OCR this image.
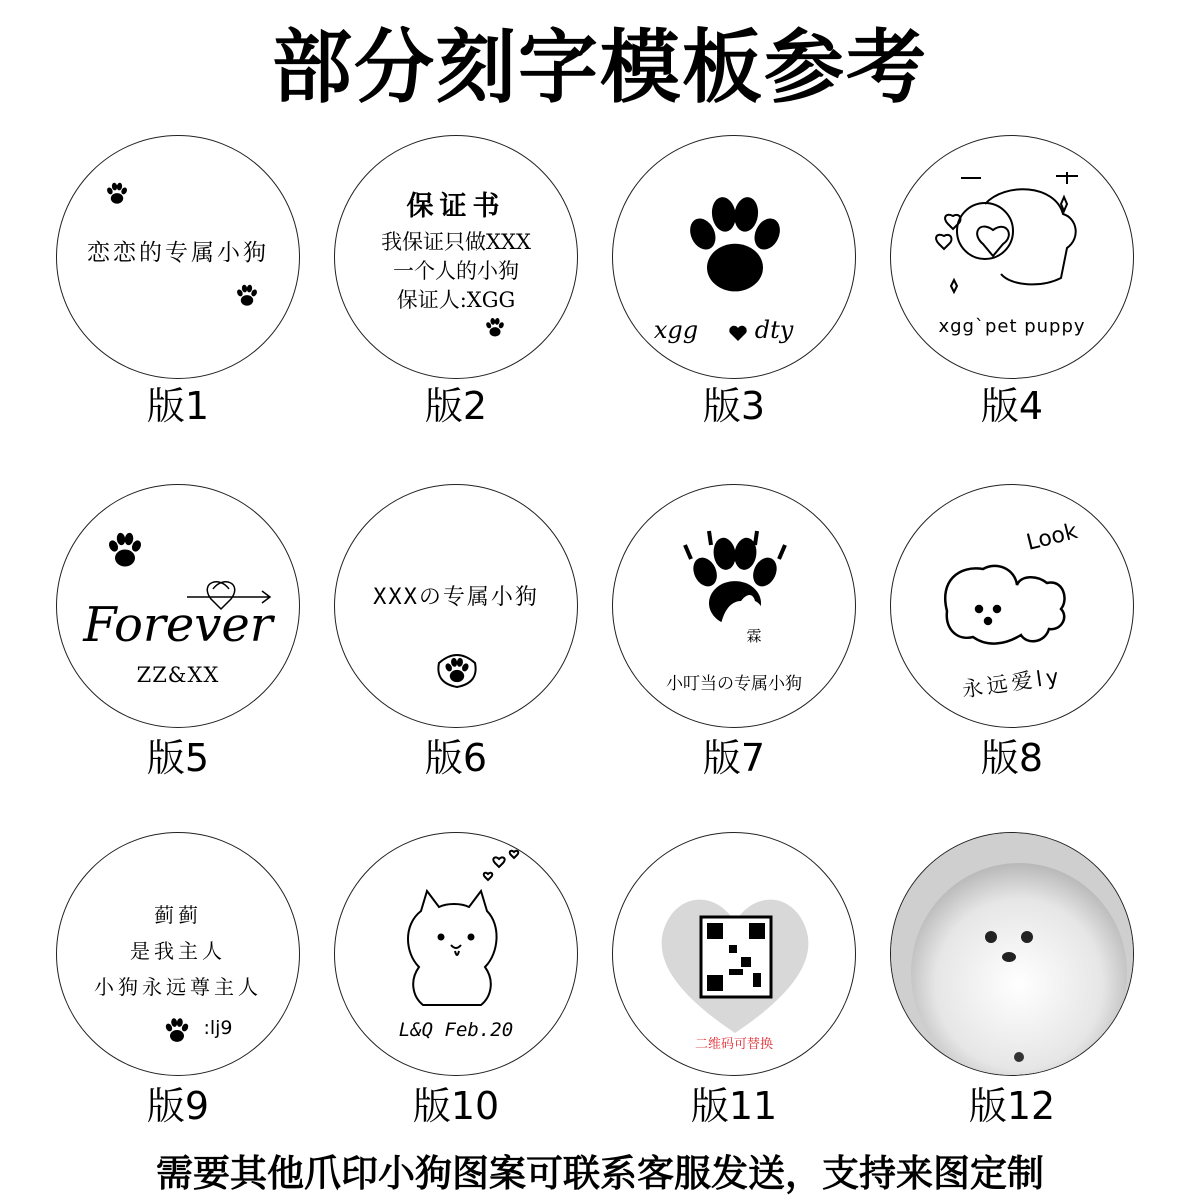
部分刻字模板参考
恋恋的专属小狗
版1
保证书
我保证只做XXX
一个人的小狗
保证人:XGG
版2
xgg	dty
版3
xgg`pet puppy
版4
Forever
ZZ&XX
版5
XXXの专属小狗
版6
霖
小叮当の专属小狗
版7
Look
永远爱ly
版8
蓟蓟
是我主人
小狗永远尊主人
:lj9
版9
L&Q Feb.20
版10
二维码可替换
版11	版12
需要其他爪印小狗图案可联系客服发送，支持来图定制
